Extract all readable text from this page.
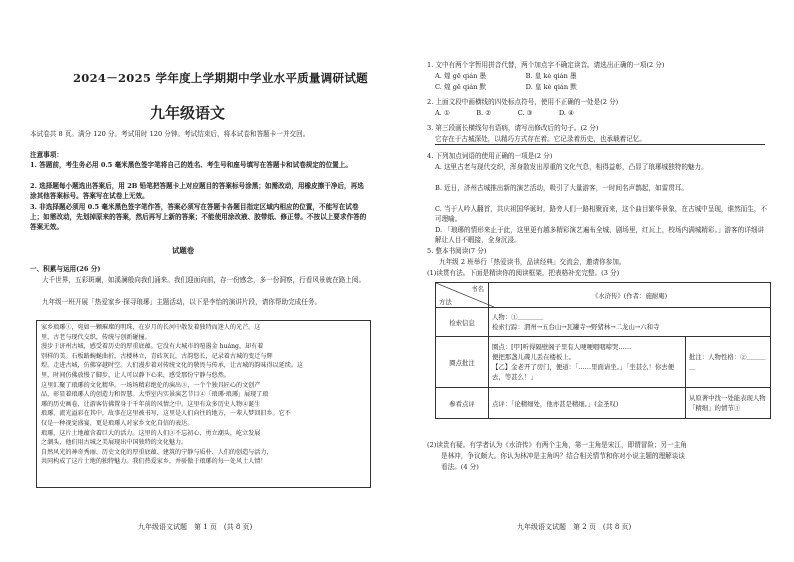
2024－2025 学年度上学期期中学业水平质量调研试题
九年级语文
本试卷共 8 页。满分 120 分。考试用时 120 分钟。考试结束后，将本试卷和答题卡一并交回。
注意事项：
1. 答题前，考生务必用 0.5 毫米黑色签字笔将自己的姓名、考生号和座号填写在答题卡和试卷规定的位置上。
2. 选择题每小题选出答案后，用 2B 铅笔把答题卡上对应题目的答案标号涂黑；如需改动，用橡皮擦干净后，再选涂其他答案标号。答案写在试卷上无效。
3. 非选择题必须用 0.5 毫米黑色签字笔作答，答案必须写在答题卡各题目指定区域内相应的位置，不能写在试卷上；如需改动，先划掉原来的答案，然后再写上新的答案；不能使用涂改液、胶带纸、修正带。不按以上要求作答的答案无效。
试题卷
一、积累与运用(26 分)
大千世界，五彩斑斓，如溪澜般向我们涌来。我们迎面向前，存一份感念，多一份洞察，行看风景就在路上阅。
九年级一班开展「热爱家乡·探寻琅琊」主题活动，以下是李怡的演讲片段，请你帮助完成任务。
家乡琅琊①，宛如一颗璀璨的明珠，在岁月的长河中散发着独特而迷人的光芒。这
里，古老与现代交织，传统与创新碰撞。
漫步于济州古城，感受着历史的厚重底蕴。它没有大城市的喧嚣金 huáng，却有着
别样的美。石板路蜿蜒曲折，古楼林立，青砖灰瓦，古韵悠长，记录着古城的变迁与辉
煌。走进古城，仿佛穿越时空。人们漫步着对传统文化的敬畏与传承，让古城的韵味得以延续。这
里，时间仿佛放慢了脚步，让人可以静下心来，感受那份宁静与悠然。
这里汇聚了琅琊的文化精华。一场场精彩绝伦的演出③，一个个独具匠心的文创产
品，彰显着琅琊人的创造力和智慧。大型室内实景演艺节目④「琅琊·琅琊」展现了琅
琊的历史画卷，让游客仿佛置身于千年前的风情之中。这里有众多历史人物④诞生
琅琊，流光溢彩在其中，故事在这里被书写，这里是人们向往的地方，一辈人梦回旧乡。它不
仅是一种视觉盛宴，更是琅琊人对家乡文化自信的表达。
琅琊，这片土地蕴含着巨大的活力。这里的人们③不忘初心，勇立潮头，屹立发展
之潮头，他们用古城之美展现出中国独特的文化魅力。
自然风光的神奇秀丽、历史文化的厚重底蕴、建筑的宁静与质朴、人们的创造与活力，
共同构成了这片土地的独特魅力。我们热爱家乡，并骄傲于琅琊的每一处风土人情！
九年级语文试题　第 1 页　(共 8 页)
1. 文中有两个字暂用拼音代替，两个加点字不确定读音。请选出正确的一项(2 分)
A. 煌 gē qián 墨　　　　　　B. 皇 kè qián 墨
C. 煌 gē qián 默　　　　　　D. 皇 kè qián 默
2. 上面文段中画横线的四处标点符号，使用不正确的一处是(2 分)
A. ①　　　　B. ②　　　　C. ③　　　　D. ④
3. 第三段画长横线句有语病，请写出修改后的句子。(2 分)
它存在于古城深处，以精巧方式存在着。它记录着历史，也承载着记忆。
4. 下列加点词语的使用正确的一项是(2 分)
A. 这里古老与现代交织，浑身散发出厚重的文化气息，相得益彰，凸显了琅琊城独特的魅力。
B. 近日，济州古城推出新的演艺活动，吸引了大量游客，一时间名声鹊起，如雷贯耳。
C. 当于人吟人翻首，共庆祖国华诞时，路旁人们一路相聚而来，这个曲目繁华景象，在古城中呈现，谁然而生，不可理喻。
D. 「琅琊的情形来止于此，这里更有越多精彩演艺遍布全城，剧场里，红瓦上，校场内满城精彩。」游客的详细讲解让人目不暇接，全身沉浸。
5. 整本书阅读(7 分)
九年级 2 班举行「热爱读书，品读经典」交流会，邀请你参加。
(1)读贯有法。下面是精读你的阅读框架，把表格补充完整。(3 分)
书名
方法	《水浒传》(作者：施耐庵)	
检索信息	人物：①＿＿＿＿
检索行踪：渭州→五台山→瓦罐寺→野猪林→二龙山→六和寺	
圈点批注	圈点：[甲]听得隔壁阁子里有人哽哽咽咽啼哭……
便把那盏儿碟儿丢在楼板上。
【乙】金老开了房门，便道：「……里面请坐。」「坐甚么！你去便去，等甚么！」	批注：人物性格：②＿＿＿＿
参看点评	点评：「论精细处，他亦甚是精细。」(金圣叹)	从原著中找一处能表现人物「精细」的情节③
(2)读贵有疑。有学者认为《水浒传》有两个主角，第一主角是宋江，即谓冒险；另一主角
是林冲，争议颇大。你认为林冲是主角吗？结合相关情节和你对小说主题的理解谈谈
看法。(4 分)
九年级语文试题　第 2 页　(共 8 页)
